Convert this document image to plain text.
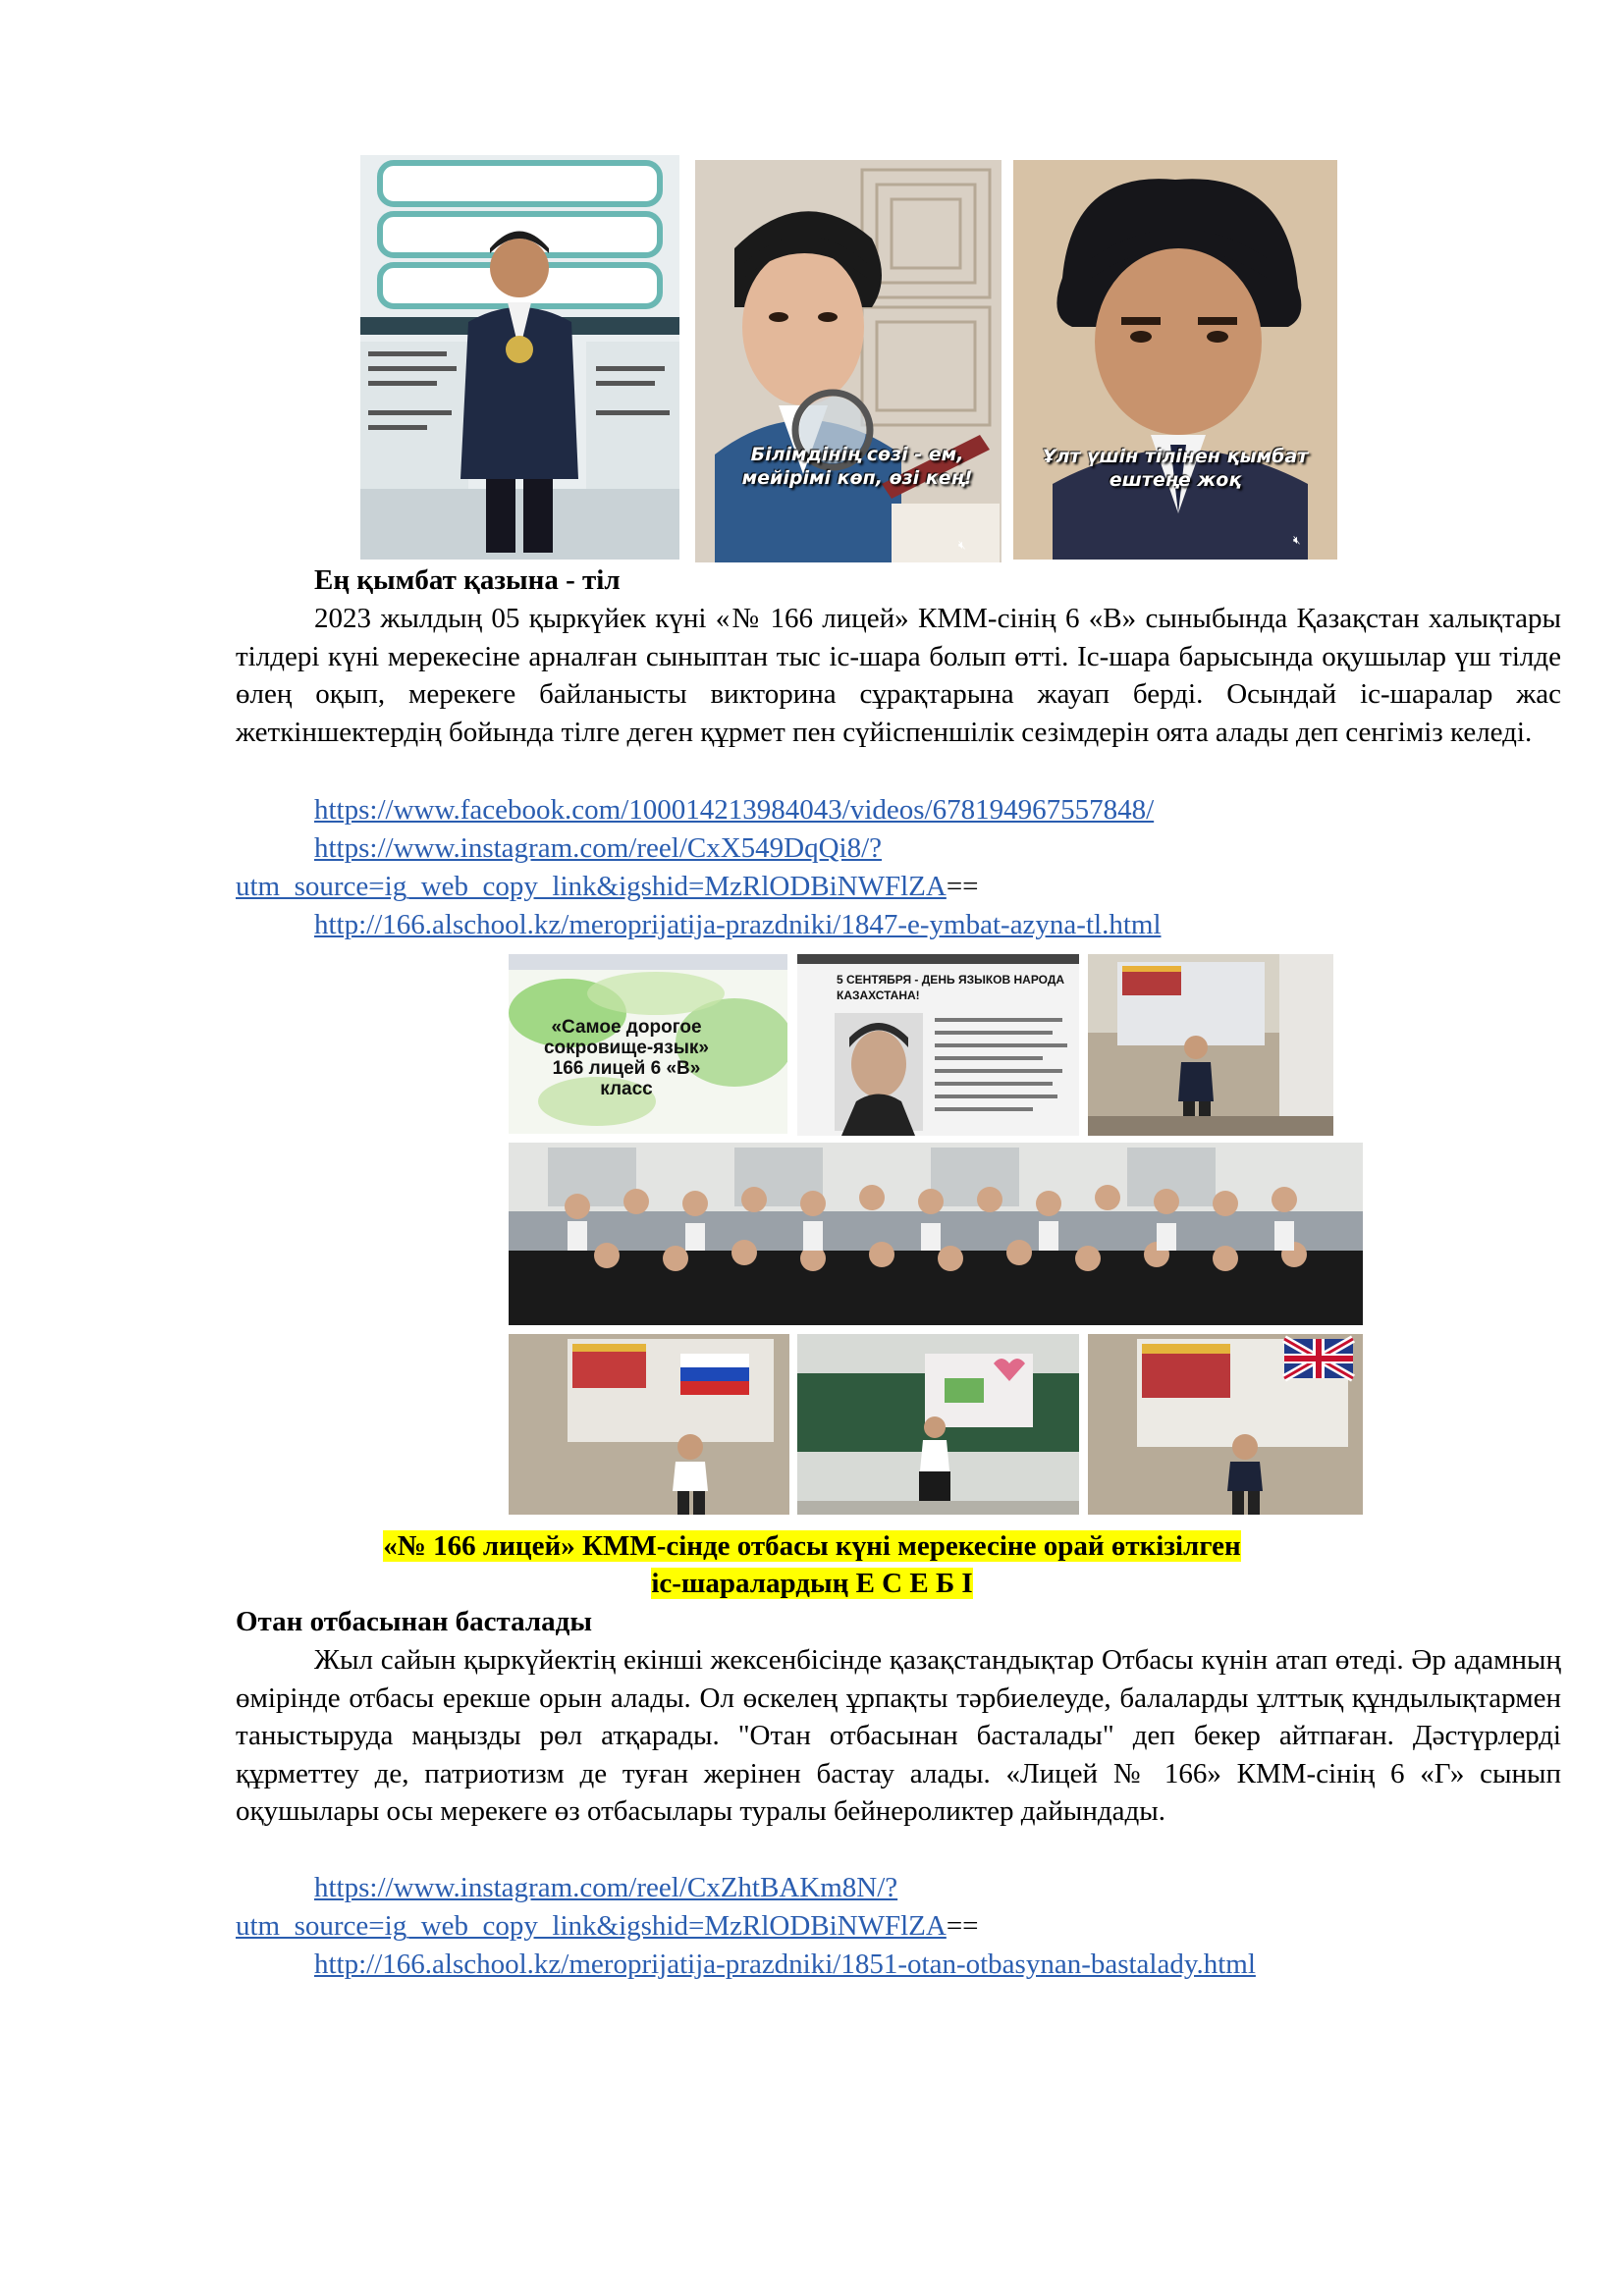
Білімдінің сөзі - ем, мейірімі көп, өзі кең!
🔇︎
Ұлт үшін тілінен қымбат ештеңе жоқ
🔇︎
Ең қымбат қазына - тіл
2023 жылдың 05 қыркүйек күні «№ 166 лицей» КММ-сінің 6 «В» сыныбында Қазақстан халықтары тілдері күні мерекесіне арналған сыныптан тыс іс-шара болып өтті. Іс-шара барысында оқушылар үш тілде өлең оқып, мерекеге байланысты викторина сұрақтарына жауап берді. Осындай іс-шаралар жас жеткіншектердің бойында тілге деген құрмет пен сүйіспеншілік сезімдерін оята алады деп сенгіміз келеді.
https://www.facebook.com/100014213984043/videos/678194967557848/
https://www.instagram.com/reel/CxX549DqQi8/?
utm_source=ig_web_copy_link&igshid=MzRlODBiNWFlZA==
http://166.alschool.kz/meroprijatija-prazdniki/1847-e-ymbat-azyna-tl.html
«Самое дорогое сокровище-язык» 166 лицей 6 «В» класс
5 СЕНТЯБРЯ - ДЕНЬ ЯЗЫКОВ НАРОДА КАЗАХСТАНА!
«№ 166 лицей» КММ-сінде отбасы күні мерекесіне орай өткізілген
іс-шаралардың Е С Е Б І
Отан отбасынан басталады
Жыл сайын қыркүйектің екінші жексенбісінде қазақстандықтар Отбасы күнін атап өтеді. Әр адамның өмірінде отбасы ерекше орын алады. Ол өскелең ұрпақты тәрбиелеуде, балаларды ұлттық құндылықтармен таныстыруда маңызды рөл атқарады. "Отан отбасынан басталады" деп бекер айтпаған. Дәстүрлерді құрметтеу де, патриотизм де туған жерінен бастау алады. «Лицей № 166» КММ-сінің 6 «Г» сынып оқушылары осы мерекеге өз отбасылары туралы бейнероликтер дайындады.
https://www.instagram.com/reel/CxZhtBAKm8N/?
utm_source=ig_web_copy_link&igshid=MzRlODBiNWFlZA==
http://166.alschool.kz/meroprijatija-prazdniki/1851-otan-otbasynan-bastalady.html
